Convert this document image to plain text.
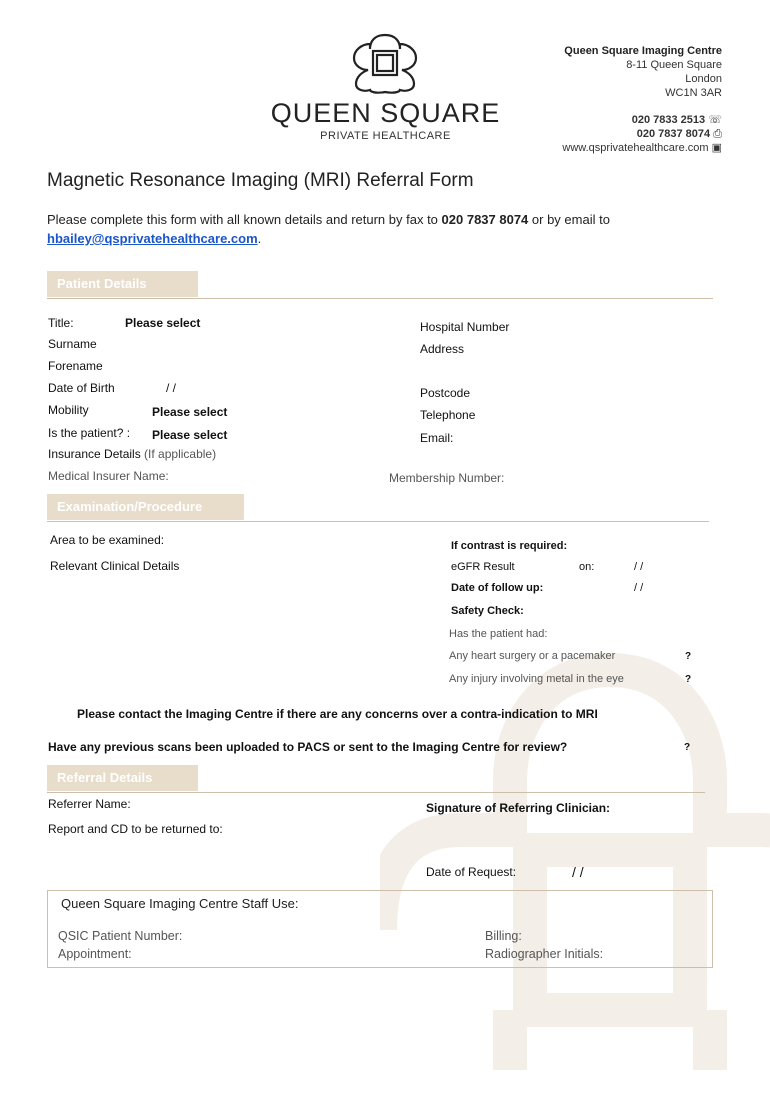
QUEEN SQUARE
PRIVATE HEALTHCARE
Queen Square Imaging Centre
8-11 Queen Square
London
WC1N 3AR
020 7833 2513 ☏
020 7837 8074 ⎙
www.qsprivatehealthcare.com ▣
Magnetic Resonance Imaging (MRI) Referral Form
Please complete this form with all known details and return by fax to 020 7837 8074 or by email to
hbailey@qsprivatehealthcare.com.
Patient Details
Title:	Please select
Surname
Forename
Date of Birth	/ /
Mobility	Please select
Is the patient? : Please select
Insurance Details (If applicable)
Medical Insurer Name:	Membership Number:
Hospital Number
Address
Postcode
Telephone
Email:
Examination/Procedure
Area to be examined:
Relevant Clinical Details
If contrast is required:
eGFR Result	on:	/ /
Date of follow up:	/ /
Safety Check:
Has the patient had:
Any heart surgery or a pacemaker	?
Any injury involving metal in the eye	?
Please contact the Imaging Centre if there are any concerns over a contra-indication to MRI
Have any previous scans been uploaded to PACS or sent to the Imaging Centre for review?	?
Referral Details
Referrer Name:
Report and CD to be returned to:
Signature of Referring Clinician:
Date of Request:	/ /
Queen Square Imaging Centre Staff Use:
QSIC Patient Number:
Appointment:
Billing:
Radiographer Initials:
